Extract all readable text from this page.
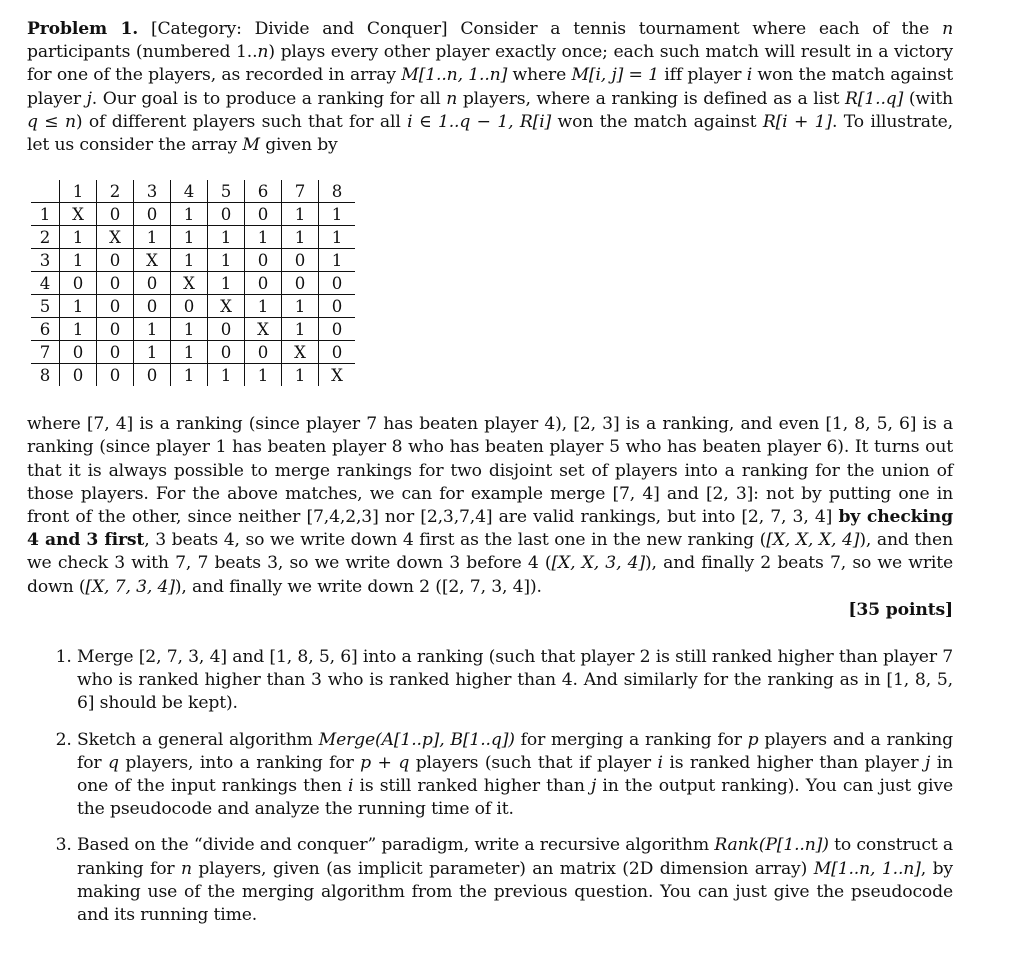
Problem 1. [Category: Divide and Conquer] Consider a tennis tournament where each of the n participants (numbered 1..n) plays every other player exactly once; each such match will result in a victory for one of the players, as recorded in array M[1..n, 1..n] where M[i, j] = 1 iff player i won the match against player j. Our goal is to produce a ranking for all n players, where a ranking is defined as a list R[1..q] (with q ≤ n) of different players such that for all i ∈ 1..q − 1, R[i] won the match against R[i + 1]. To illustrate, let us consider the array M given by

	1	2	3	4	5	6	7	8
1	X	0	0	1	0	0	1	1
2	1	X	1	1	1	1	1	1
3	1	0	X	1	1	0	0	1
4	0	0	0	X	1	0	0	0
5	1	0	0	0	X	1	1	0
6	1	0	1	1	0	X	1	0
7	0	0	1	1	0	0	X	0
8	0	0	0	1	1	1	1	X

where [7, 4] is a ranking (since player 7 has beaten player 4), [2, 3] is a ranking, and even [1, 8, 5, 6] is a ranking (since player 1 has beaten player 8 who has beaten player 5 who has beaten player 6). It turns out that it is always possible to merge rankings for two disjoint set of players into a ranking for the union of those players. For the above matches, we can for example merge [7, 4] and [2, 3]: not by putting one in front of the other, since neither [7,4,2,3] nor [2,3,7,4] are valid rankings, but into [2, 7, 3, 4] by checking 4 and 3 first, 3 beats 4, so we write down 4 first as the last one in the new ranking ([X, X, X, 4]), and then we check 3 with 7, 7 beats 3, so we write down 3 before 4 ([X, X, 3, 4]), and finally 2 beats 7, so we write down ([X, 7, 3, 4]), and finally we write down 2 ([2, 7, 3, 4]).

[35 points]

1. Merge [2, 7, 3, 4] and [1, 8, 5, 6] into a ranking (such that player 2 is still ranked higher than player 7 who is ranked higher than 3 who is ranked higher than 4. And similarly for the ranking as in [1, 8, 5, 6] should be kept).
2. Sketch a general algorithm Merge(A[1..p], B[1..q]) for merging a ranking for p players and a ranking for q players, into a ranking for p + q players (such that if player i is ranked higher than player j in one of the input rankings then i is still ranked higher than j in the output ranking). You can just give the pseudocode and analyze the running time of it.
3. Based on the “divide and conquer” paradigm, write a recursive algorithm Rank(P[1..n]) to construct a ranking for n players, given (as implicit parameter) an matrix (2D dimension array) M[1..n, 1..n], by making use of the merging algorithm from the previous question. You can just give the pseudocode and its running time.
